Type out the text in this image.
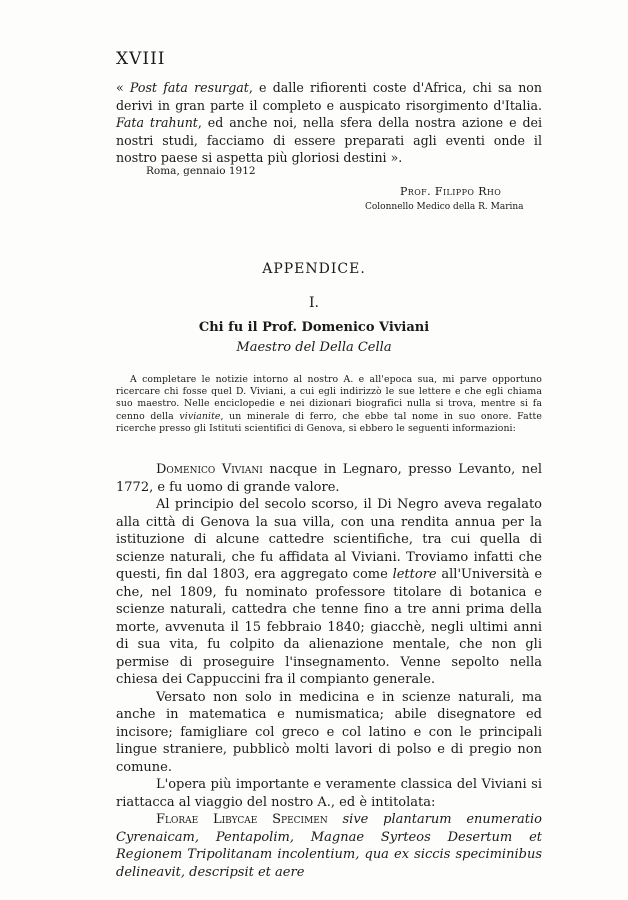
XVIII
« Post fata resurgat, e dalle rifiorenti coste d'Africa, chi sa non derivi in gran parte il completo e auspicato risorgimento d'Italia. Fata trahunt, ed anche noi, nella sfera della nostra azione e dei nostri studi, facciamo di essere preparati agli eventi onde il nostro paese si aspetta più gloriosi destini ».
Roma, gennaio 1912
Prof. Filippo Rho
Colonnello Medico della R. Marina
APPENDICE.
I.
Chi fu il Prof. Domenico Viviani
Maestro del Della Cella
A completare le notizie intorno al nostro A. e all'epoca sua, mi parve opportuno ricercare chi fosse quel D. Viviani, a cui egli indirizzò le sue lettere e che egli chiama suo maestro. Nelle enciclopedie e nei dizionari biografici nulla si trova, mentre si fa cenno della vivianite, un minerale di ferro, che ebbe tal nome in suo onore. Fatte ricerche presso gli Istituti scientifici di Genova, si ebbero le seguenti informazioni:

Domenico Viviani nacque in Legnaro, presso Levanto, nel 1772, e fu uomo di grande valore.

Al principio del secolo scorso, il Di Negro aveva regalato alla città di Genova la sua villa, con una rendita annua per la istituzione di alcune cattedre scientifiche, tra cui quella di scienze naturali, che fu affidata al Viviani. Troviamo infatti che questi, fin dal 1803, era aggregato come lettore all'Università e che, nel 1809, fu nominato professore titolare di botanica e scienze naturali, cattedra che tenne fino a tre anni prima della morte, avvenuta il 15 febbraio 1840; giacchè, negli ultimi anni di sua vita, fu colpito da alienazione mentale, che non gli permise di proseguire l'insegnamento. Venne sepolto nella chiesa dei Cappuccini fra il compianto generale.

Versato non solo in medicina e in scienze naturali, ma anche in matematica e numismatica; abile disegnatore ed incisore; famigliare col greco e col latino e con le principali lingue straniere, pubblicò molti lavori di polso e di pregio non comune.

L'opera più importante e veramente classica del Viviani si riattacca al viaggio del nostro A., ed è intitolata:

Florae Libycae Specimen sive plantarum enumeratio Cyrenaicam, Pentapolim, Magnae Syrteos Desertum et Regionem Tripolitanam incolentium, qua ex siccis speciminibus delineavit, descripsit et aere
